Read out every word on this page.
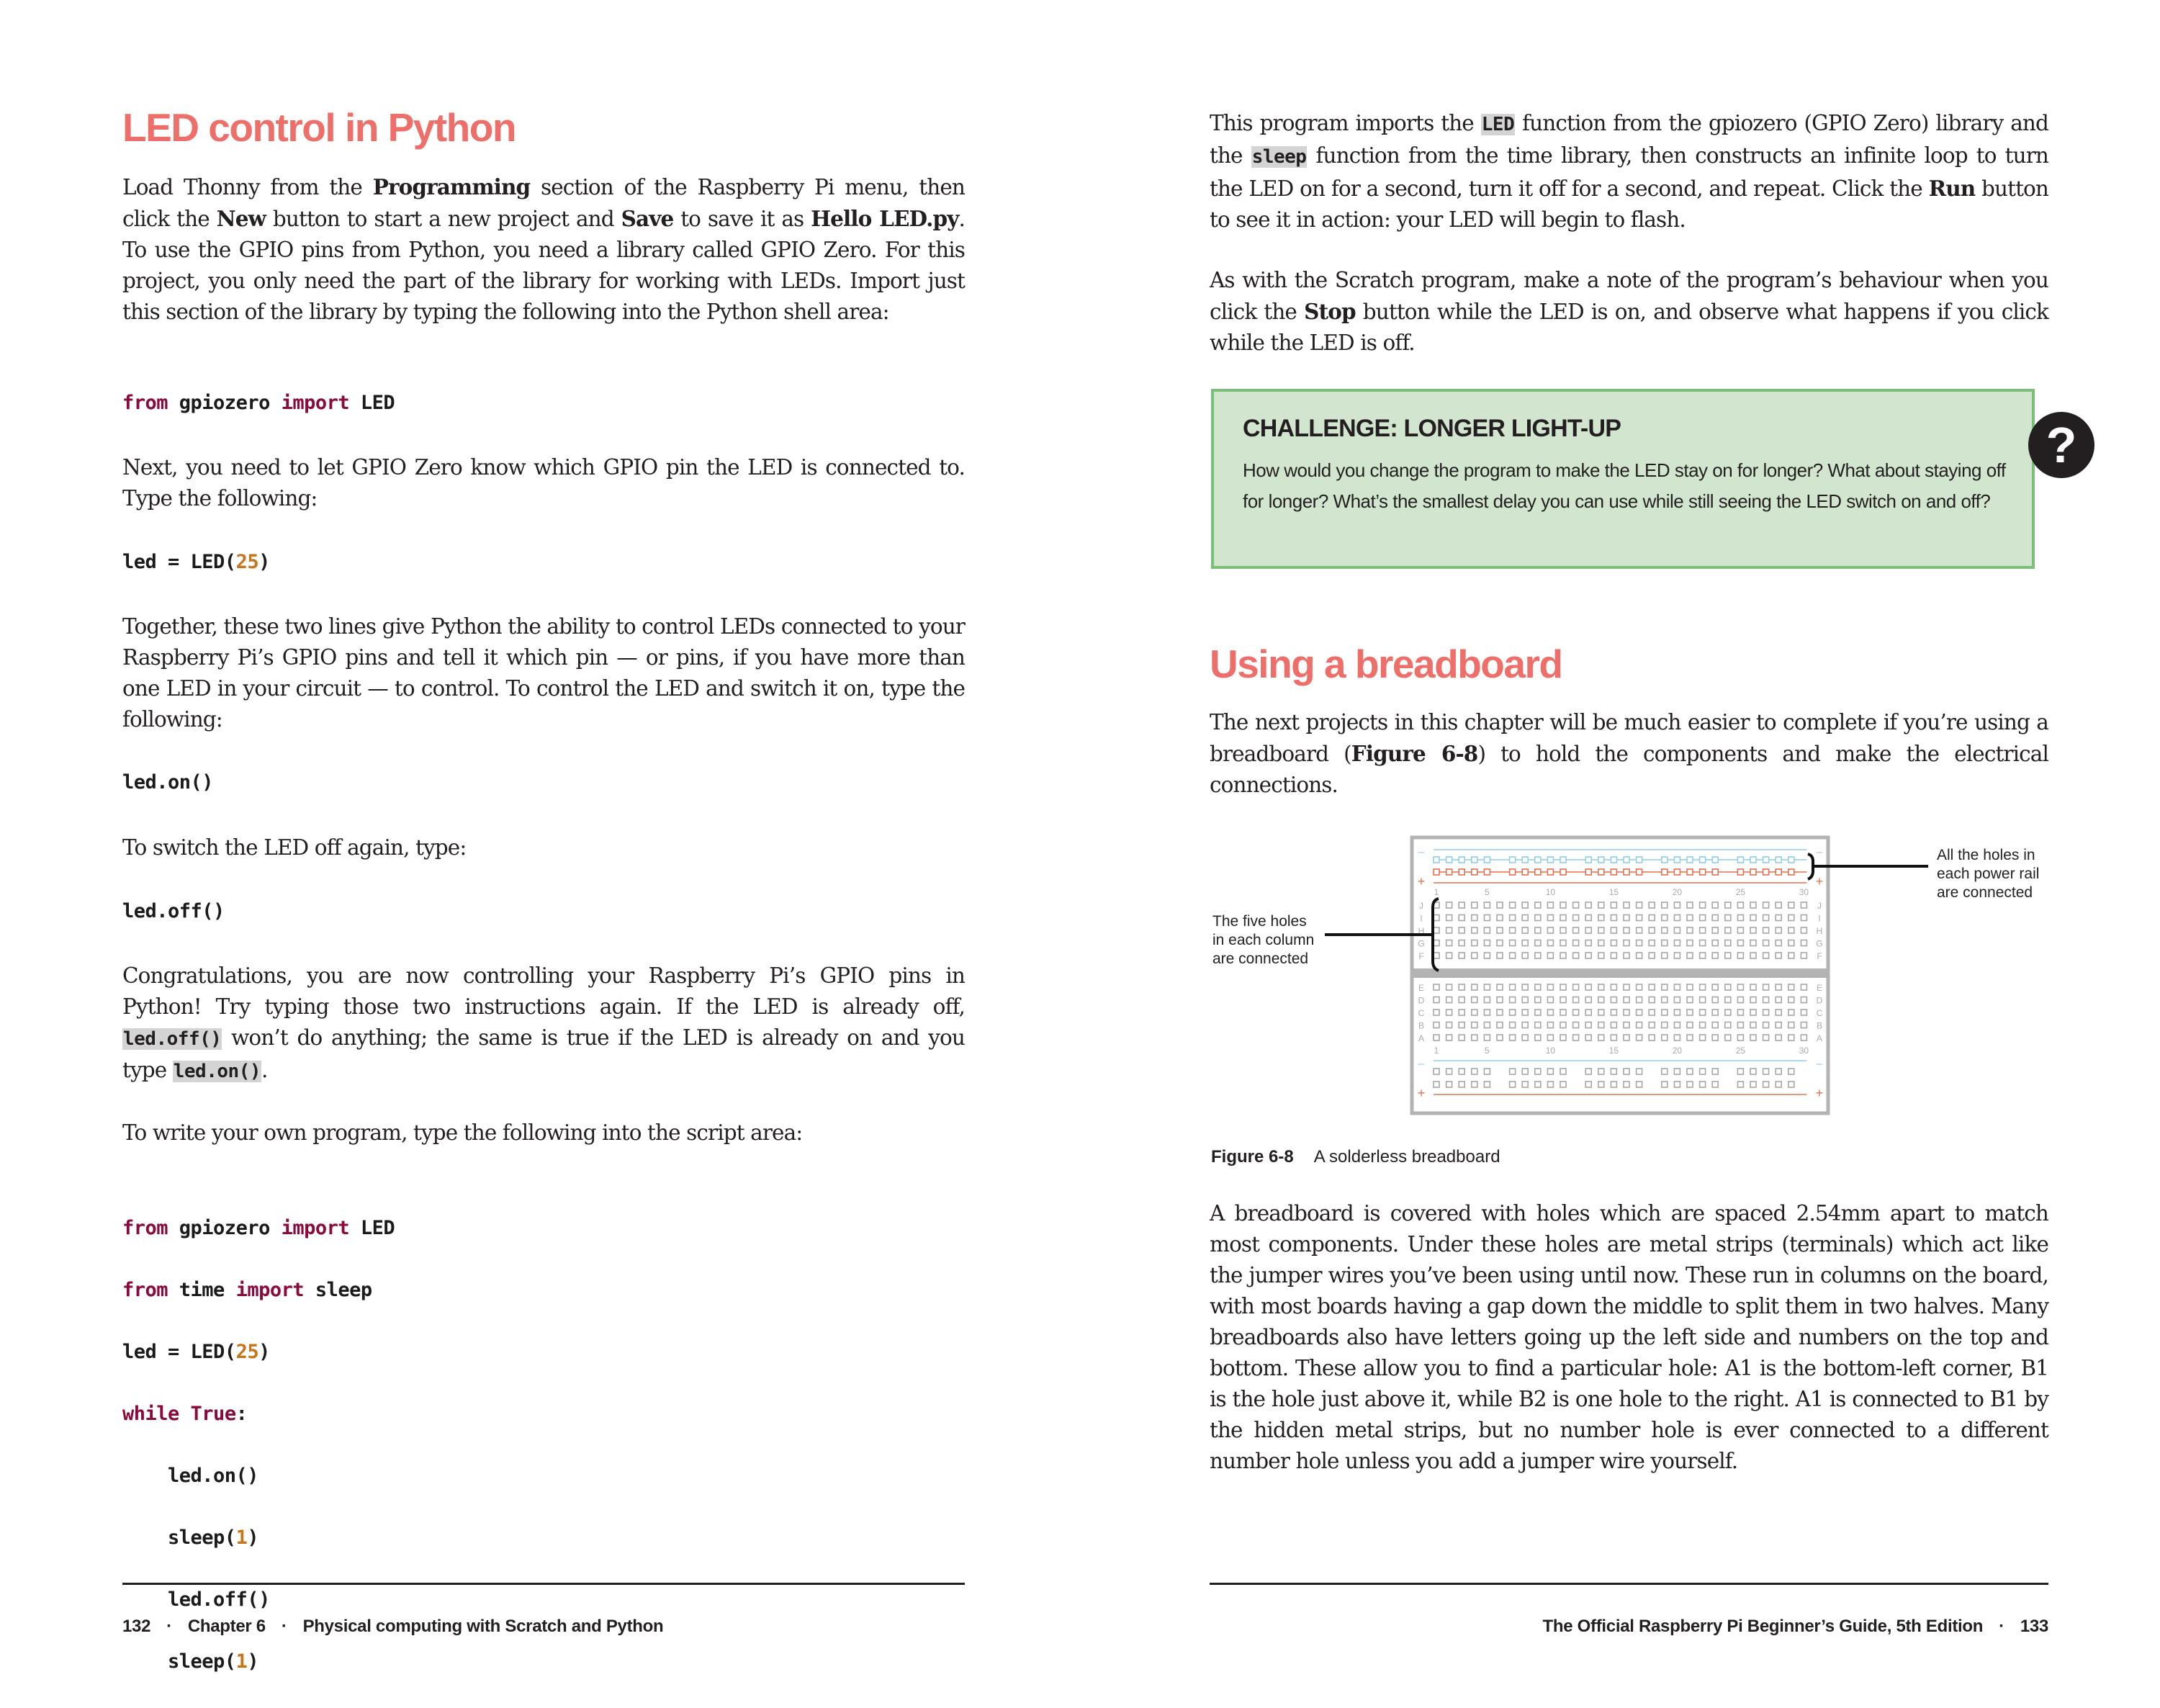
LED control in Python
Load Thonny from the Programming section of the Raspberry Pi menu, then click the New button to start a new project and Save to save it as Hello LED.py. To use the GPIO pins from Python, you need a library called GPIO Zero. For this project, you only need the part of the library for working with LEDs. Import just this section of the library by typing the following into the Python shell area:
from gpiozero import LED
Next, you need to let GPIO Zero know which GPIO pin the LED is connected to. Type the following:
led = LED(25)
Together, these two lines give Python the ability to control LEDs connected to your Raspberry Pi’s GPIO pins and tell it which pin — or pins, if you have more than one LED in your circuit — to control. To control the LED and switch it on, type the following:
led.on()
To switch the LED off again, type:
led.off()
Congratulations, you are now controlling your Raspberry Pi’s GPIO pins in Python! Try typing those two instructions again. If the LED is already off, led.off() won’t do anything; the same is true if the LED is already on and you type led.on().
To write your own program, type the following into the script area:

from gpiozero import LED

from time import sleep

led = LED(25)

while True:

led.on()

sleep(1)

led.off()

sleep(1)

132 · Chapter 6 · Physical computing with Scratch and Python
This program imports the LED function from the gpiozero (GPIO Zero) library and the sleep function from the time library, then constructs an infinite loop to turn the LED on for a second, turn it off for a second, and repeat. Click the Run button to see it in action: your LED will begin to flash.
As with the Scratch program, make a note of the program’s behaviour when you click the Stop button while the LED is on, and observe what happens if you click while the LED is off.
CHALLENGE: LONGER LIGHT-UP
How would you change the program to make the LED stay on for longer? What about staying off for longer? What’s the smallest delay you can use while still seeing the LED switch on and off?
?
Using a breadboard
The next projects in this chapter will be much easier to complete if you’re using a breadboard (Figure 6-8) to hold the components and make the electrical connections.
The five holes
in each column
are connected
All the holes in
each power rail
are connected
–	–
+	+
1	5	10	15	20	25	30
1	5	10	15	20	25	30
J	J
I	I
H	H
G	G
F	F
E	E
D	D
C	C
B	B
A	A
–	–
+	+
Figure 6-8 A solderless breadboard
A breadboard is covered with holes which are spaced 2.54mm apart to match most components. Under these holes are metal strips (terminals) which act like the jumper wires you’ve been using until now. These run in columns on the board, with most boards having a gap down the middle to split them in two halves. Many breadboards also have letters going up the left side and numbers on the top and bottom. These allow you to find a particular hole: A1 is the bottom-left corner, B1 is the hole just above it, while B2 is one hole to the right. A1 is connected to B1 by the hidden metal strips, but no number hole is ever connected to a different number hole unless you add a jumper wire yourself.
The Official Raspberry Pi Beginner’s Guide, 5th Edition · 133
